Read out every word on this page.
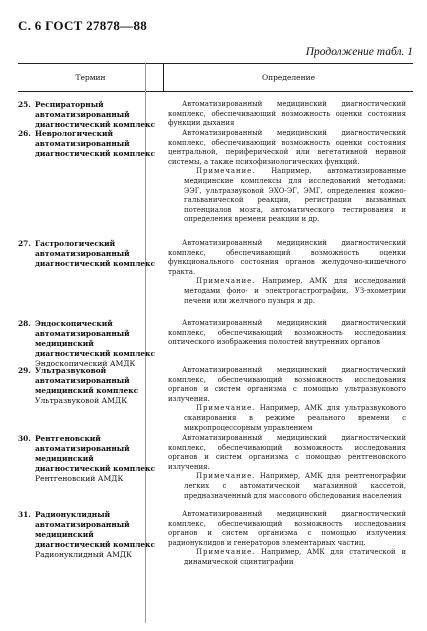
С. 6 ГОСТ 27878—88
Продолжение табл. 1
Термин	Определение
25. Респираторный автоматизированный диагностический комплекс

Автоматизированный медицинский диагностический комплекс, обеспечивающий возможность оценки состояния функции дыхания

26. Неврологический автоматизированный диагностический комплекс

Автоматизированный медицинский диагностический комплекс, обеспечивающий возможность оценки состояния центральной, периферической или вегетативной нервной системы, а также психофизиологических функций.

Примечание. Например, автоматизированные медицинские комплексы для исследований методами: ЭЭГ, ультразвуковой ЭХО-ЭГ, ЭМГ, определения кожно-гальванической реакции, регистрации вызванных потенциалов мозга, автоматического тестирования и определения времени реакции и др.

27. Гастрологический автоматизированный диагностический комплекс

Автоматизированный медицинский диагностический комплекс, обеспечивающий возможность оценки функционального состояния органов желудочно-кишечного тракта.

Примечание. Например, АМК для исследований методами фоно- и электрогастрографии, УЗ-эхометрии печени или желчного пузыря и др.

28. Эндоскопический автоматизированный медицинский диагностический комплекс
Эндоскопический АМДК

Автоматизированный медицинский диагностический комплекс, обеспечивающий возможность исследования оптического изображения полостей внутренних органов

29. Ультразвуковой автоматизированный медицинский комплекс
Ультразвуковой АМДК

Автоматизированный медицинский диагностический комплекс, обеспечивающий возможность исследования органов и систем организма с помощью ультразвукового излучения.

Примечание. Например, АМК для ультразвукового сканирования в режиме реального времени с микропроцессорным управлением

30. Рентгеновский автоматизированный медицинский диагностический комплекс
Рентгеновский АМДК

Автоматизированный медицинский диагностический комплекс, обеспечивающий возможность исследования органов и систем организма с помощью рентгеновского излучения.

Примечание. Например, АМК для рентгенографии легких с автоматической магазинной кассетой, предназначенный для массового обследования населения

31. Радионуклидный автоматизированный медицинский диагностический комплекс
Радионуклидный АМДК

Автоматизированный медицинский диагностический комплекс, обеспечивающий возможность исследования органов и систем организма с помощью излучения радионуклидов и генераторов элементарных частиц.

Примечание. Например, АМК для статической и динамической сцинтиграфии
